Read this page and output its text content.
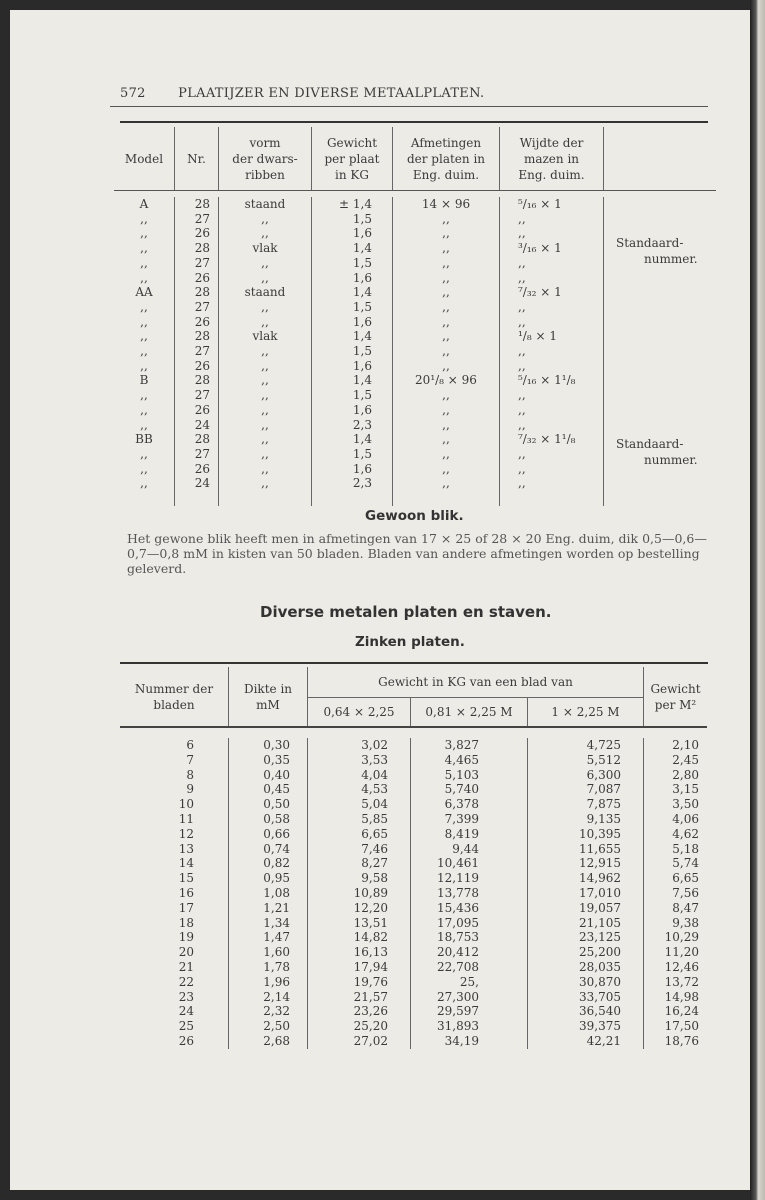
572 PLAATIJZER EN DIVERSE METAALPLATEN.
Model	Nr.	vorm
der dwars-
ribben	Gewicht
per plaat
in KG	Afmetingen
der platen in
Eng. duim.	Wijdte der
mazen in
Eng. duim.	

A	28	staand	± 1,4	14 × 96	⁵/₁₆ × 1	Standaard-
nummer.
,,	27	,,	1,5	,,	,,	
,,	26	,,	1,6	,,	,,	
,,	28	vlak	1,4	,,	³/₁₆ × 1	
,,	27	,,	1,5	,,	,,	
,,	26	,,	1,6	,,	,,	
AA	28	staand	1,4	,,	⁷/₃₂ × 1	
,,	27	,,	1,5	,,	,,	
,,	26	,,	1,6	,,	,,	
,,	28	vlak	1,4	,,	¹/₈ × 1	
,,	27	,,	1,5	,,	,,	
,,	26	,,	1,6	,,	,,	
B	28	,,	1,4	20¹/₈ × 96	⁵/₁₆ × 1¹/₈	
,,	27	,,	1,5	,,	,,	
,,	26	,,	1,6	,,	,,	
,,	24	,,	2,3	,,	,,	
BB	28	,,	1,4	,,	⁷/₃₂ × 1¹/₈	Standaard-
nummer.
,,	27	,,	1,5	,,	,,	
,,	26	,,	1,6	,,	,,	
,,	24	,,	2,3	,,	,,	

Gewoon blik.
Het gewone blik heeft men in afmetingen van 17 × 25 of 28 × 20 Eng. duim, dik 0,5—0,6—0,7—0,8 mM in kisten van 50 bladen. Bladen van andere afmetingen worden op bestelling geleverd.
Diverse metalen platen en staven.
Zinken platen.
Nummer der
bladen	Dikte in
mM	Gewicht in KG van een blad van			Gewicht
per M²
		0,64 × 2,25	0,81 × 2,25 M	1 × 2,25 M	

6	0,30	3,02	3,827	4,725	2,10
7	0,35	3,53	4,465	5,512	2,45
8	0,40	4,04	5,103	6,300	2,80
9	0,45	4,53	5,740	7,087	3,15
10	0,50	5,04	6,378	7,875	3,50
11	0,58	5,85	7,399	9,135	4,06
12	0,66	6,65	8,419	10,395	4,62
13	0,74	7,46	9,44	11,655	5,18
14	0,82	8,27	10,461	12,915	5,74
15	0,95	9,58	12,119	14,962	6,65
16	1,08	10,89	13,778	17,010	7,56
17	1,21	12,20	15,436	19,057	8,47
18	1,34	13,51	17,095	21,105	9,38
19	1,47	14,82	18,753	23,125	10,29
20	1,60	16,13	20,412	25,200	11,20
21	1,78	17,94	22,708	28,035	12,46
22	1,96	19,76	25,	30,870	13,72
23	2,14	21,57	27,300	33,705	14,98
24	2,32	23,26	29,597	36,540	16,24
25	2,50	25,20	31,893	39,375	17,50
26	2,68	27,02	34,19	42,21	18,76
